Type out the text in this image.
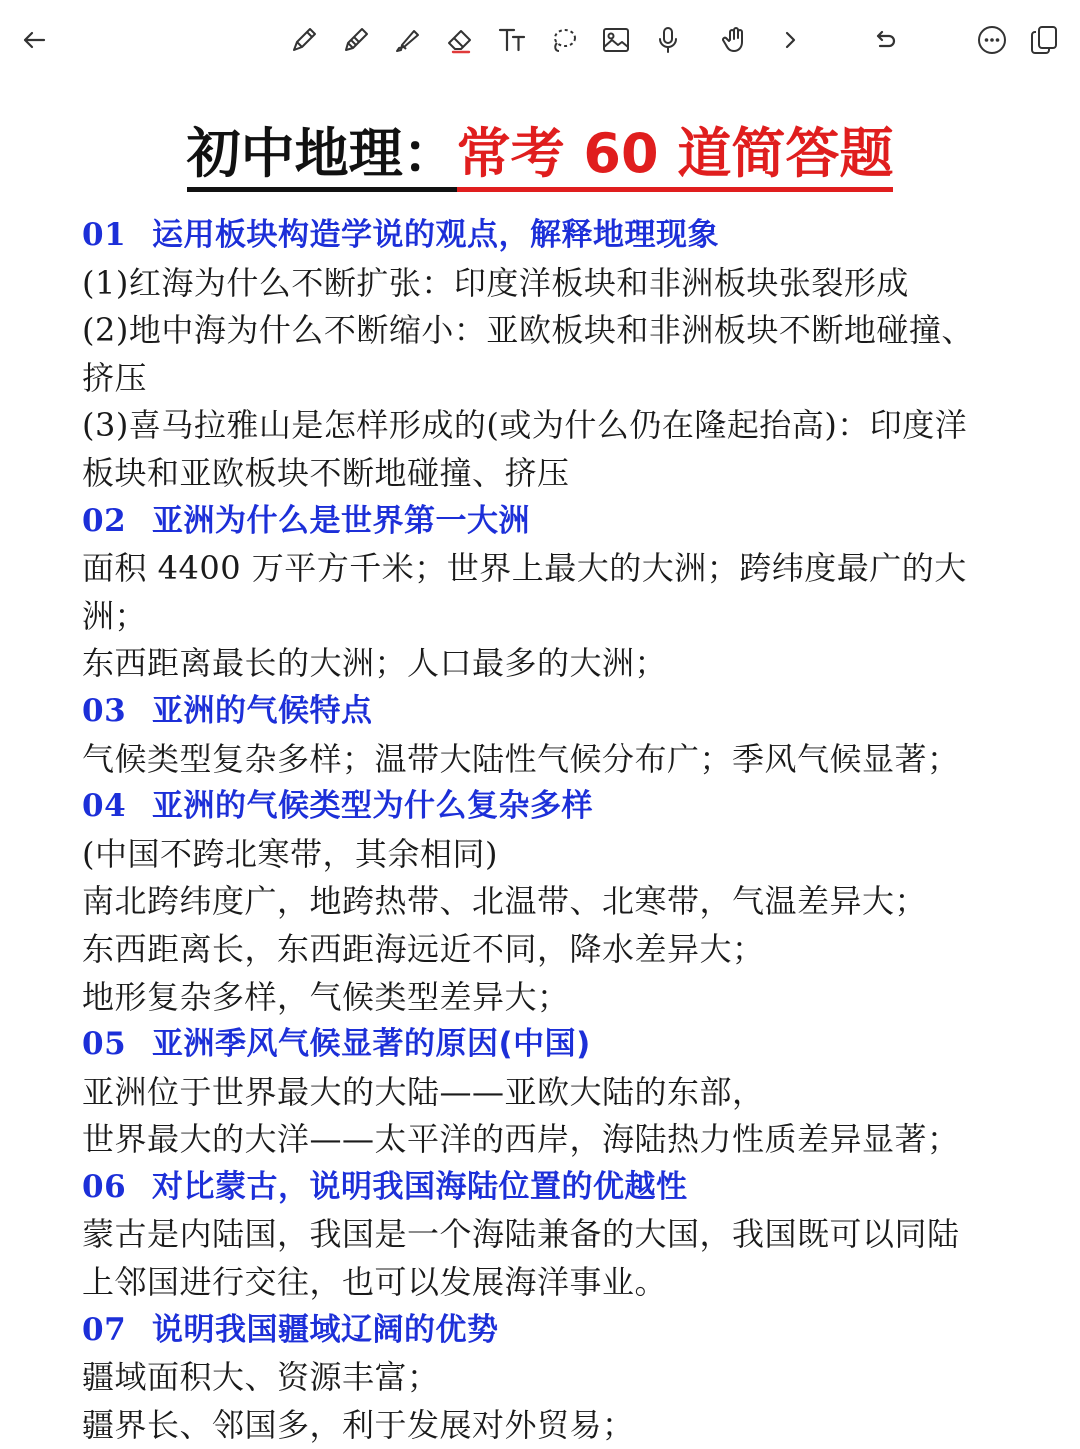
初中地理：常考 60 道简答题
01 运用板块构造学说的观点，解释地理现象
(1)红海为什么不断扩张：印度洋板块和非洲板块张裂形成
(2)地中海为什么不断缩小：亚欧板块和非洲板块不断地碰撞、
挤压
(3)喜马拉雅山是怎样形成的(或为什么仍在隆起抬高)：印度洋
板块和亚欧板块不断地碰撞、挤压
02 亚洲为什么是世界第一大洲
面积 4400 万平方千米；世界上最大的大洲；跨纬度最广的大
洲；
东西距离最长的大洲；人口最多的大洲；
03 亚洲的气候特点
气候类型复杂多样；温带大陆性气候分布广；季风气候显著；
04 亚洲的气候类型为什么复杂多样
(中国不跨北寒带，其余相同)
南北跨纬度广，地跨热带、北温带、北寒带，气温差异大；
东西距离长，东西距海远近不同，降水差异大；
地形复杂多样，气候类型差异大；
05 亚洲季风气候显著的原因(中国)
亚洲位于世界最大的大陆——亚欧大陆的东部，
世界最大的大洋——太平洋的西岸，海陆热力性质差异显著；
06 对比蒙古，说明我国海陆位置的优越性
蒙古是内陆国，我国是一个海陆兼备的大国，我国既可以同陆
上邻国进行交往，也可以发展海洋事业。
07 说明我国疆域辽阔的优势
疆域面积大、资源丰富；
疆界长、邻国多，利于发展对外贸易；
